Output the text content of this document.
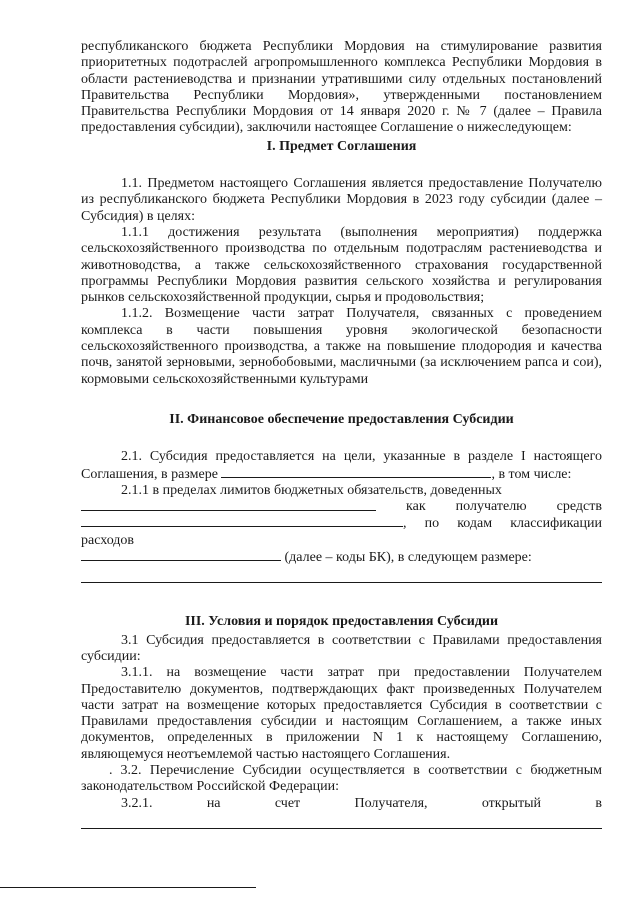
республиканского бюджета Республики Мордовия на стимулирование развития приоритетных подотраслей агропромышленного комплекса Республики Мордовия в области растениеводства и признании утратившими силу отдельных постановлений Правительства Республики Мордовия», утвержденными постановлением Правительства Республики Мордовия от 14 января 2020 г. № 7 (далее – Правила предоставления субсидии), заключили настоящее Соглашение о нижеследующем:

I. Предмет Соглашения

1.1. Предметом настоящего Соглашения является предоставление Получателю из республиканского бюджета Республики Мордовия в 2023 году субсидии (далее – Субсидия) в целях:

1.1.1 достижения результата (выполнения мероприятия) поддержка сельскохозяйственного производства по отдельным подотраслям растениеводства и животноводства, а также сельскохозяйственного страхования государственной программы Республики Мордовия развития сельского хозяйства и регулирования рынков сельскохозяйственной продукции, сырья и продовольствия;

1.1.2. Возмещение части затрат Получателя, связанных с проведением комплекса в части повышения уровня экологической безопасности сельскохозяйственного производства, а также на повышение плодородия и качества почв, занятой зерновыми, зернобобовыми, масличными (за исключением рапса и сои), кормовыми сельскохозяйственными культурами

II. Финансовое обеспечение предоставления Субсидии

2.1. Субсидия предоставляется на цели, указанные в разделе I настоящего Соглашения, в размере	, в том числе:

2.1.1 в пределах лимитов бюджетных обязательств, доведенных

как получателю средств

, по кодам классификации расходов

(далее – коды БК), в следующем размере:

III. Условия и порядок предоставления Субсидии

3.1 Субсидия предоставляется в соответствии с Правилами предоставления субсидии:

3.1.1. на возмещение части затрат при предоставлении Получателем Предоставителю документов, подтверждающих факт произведенных Получателем части затрат на возмещение которых предоставляется Субсидия в соответствии с Правилами предоставления субсидии и настоящим Соглашением, а также иных документов, определенных в приложении N 1 к настоящему Соглашению, являющемуся неотъемлемой частью настоящего Соглашения.

. 3.2. Перечисление Субсидии осуществляется в соответствии с бюджетным законодательством Российской Федерации:

3.2.1.	на	счет	Получателя,	открытый	в
